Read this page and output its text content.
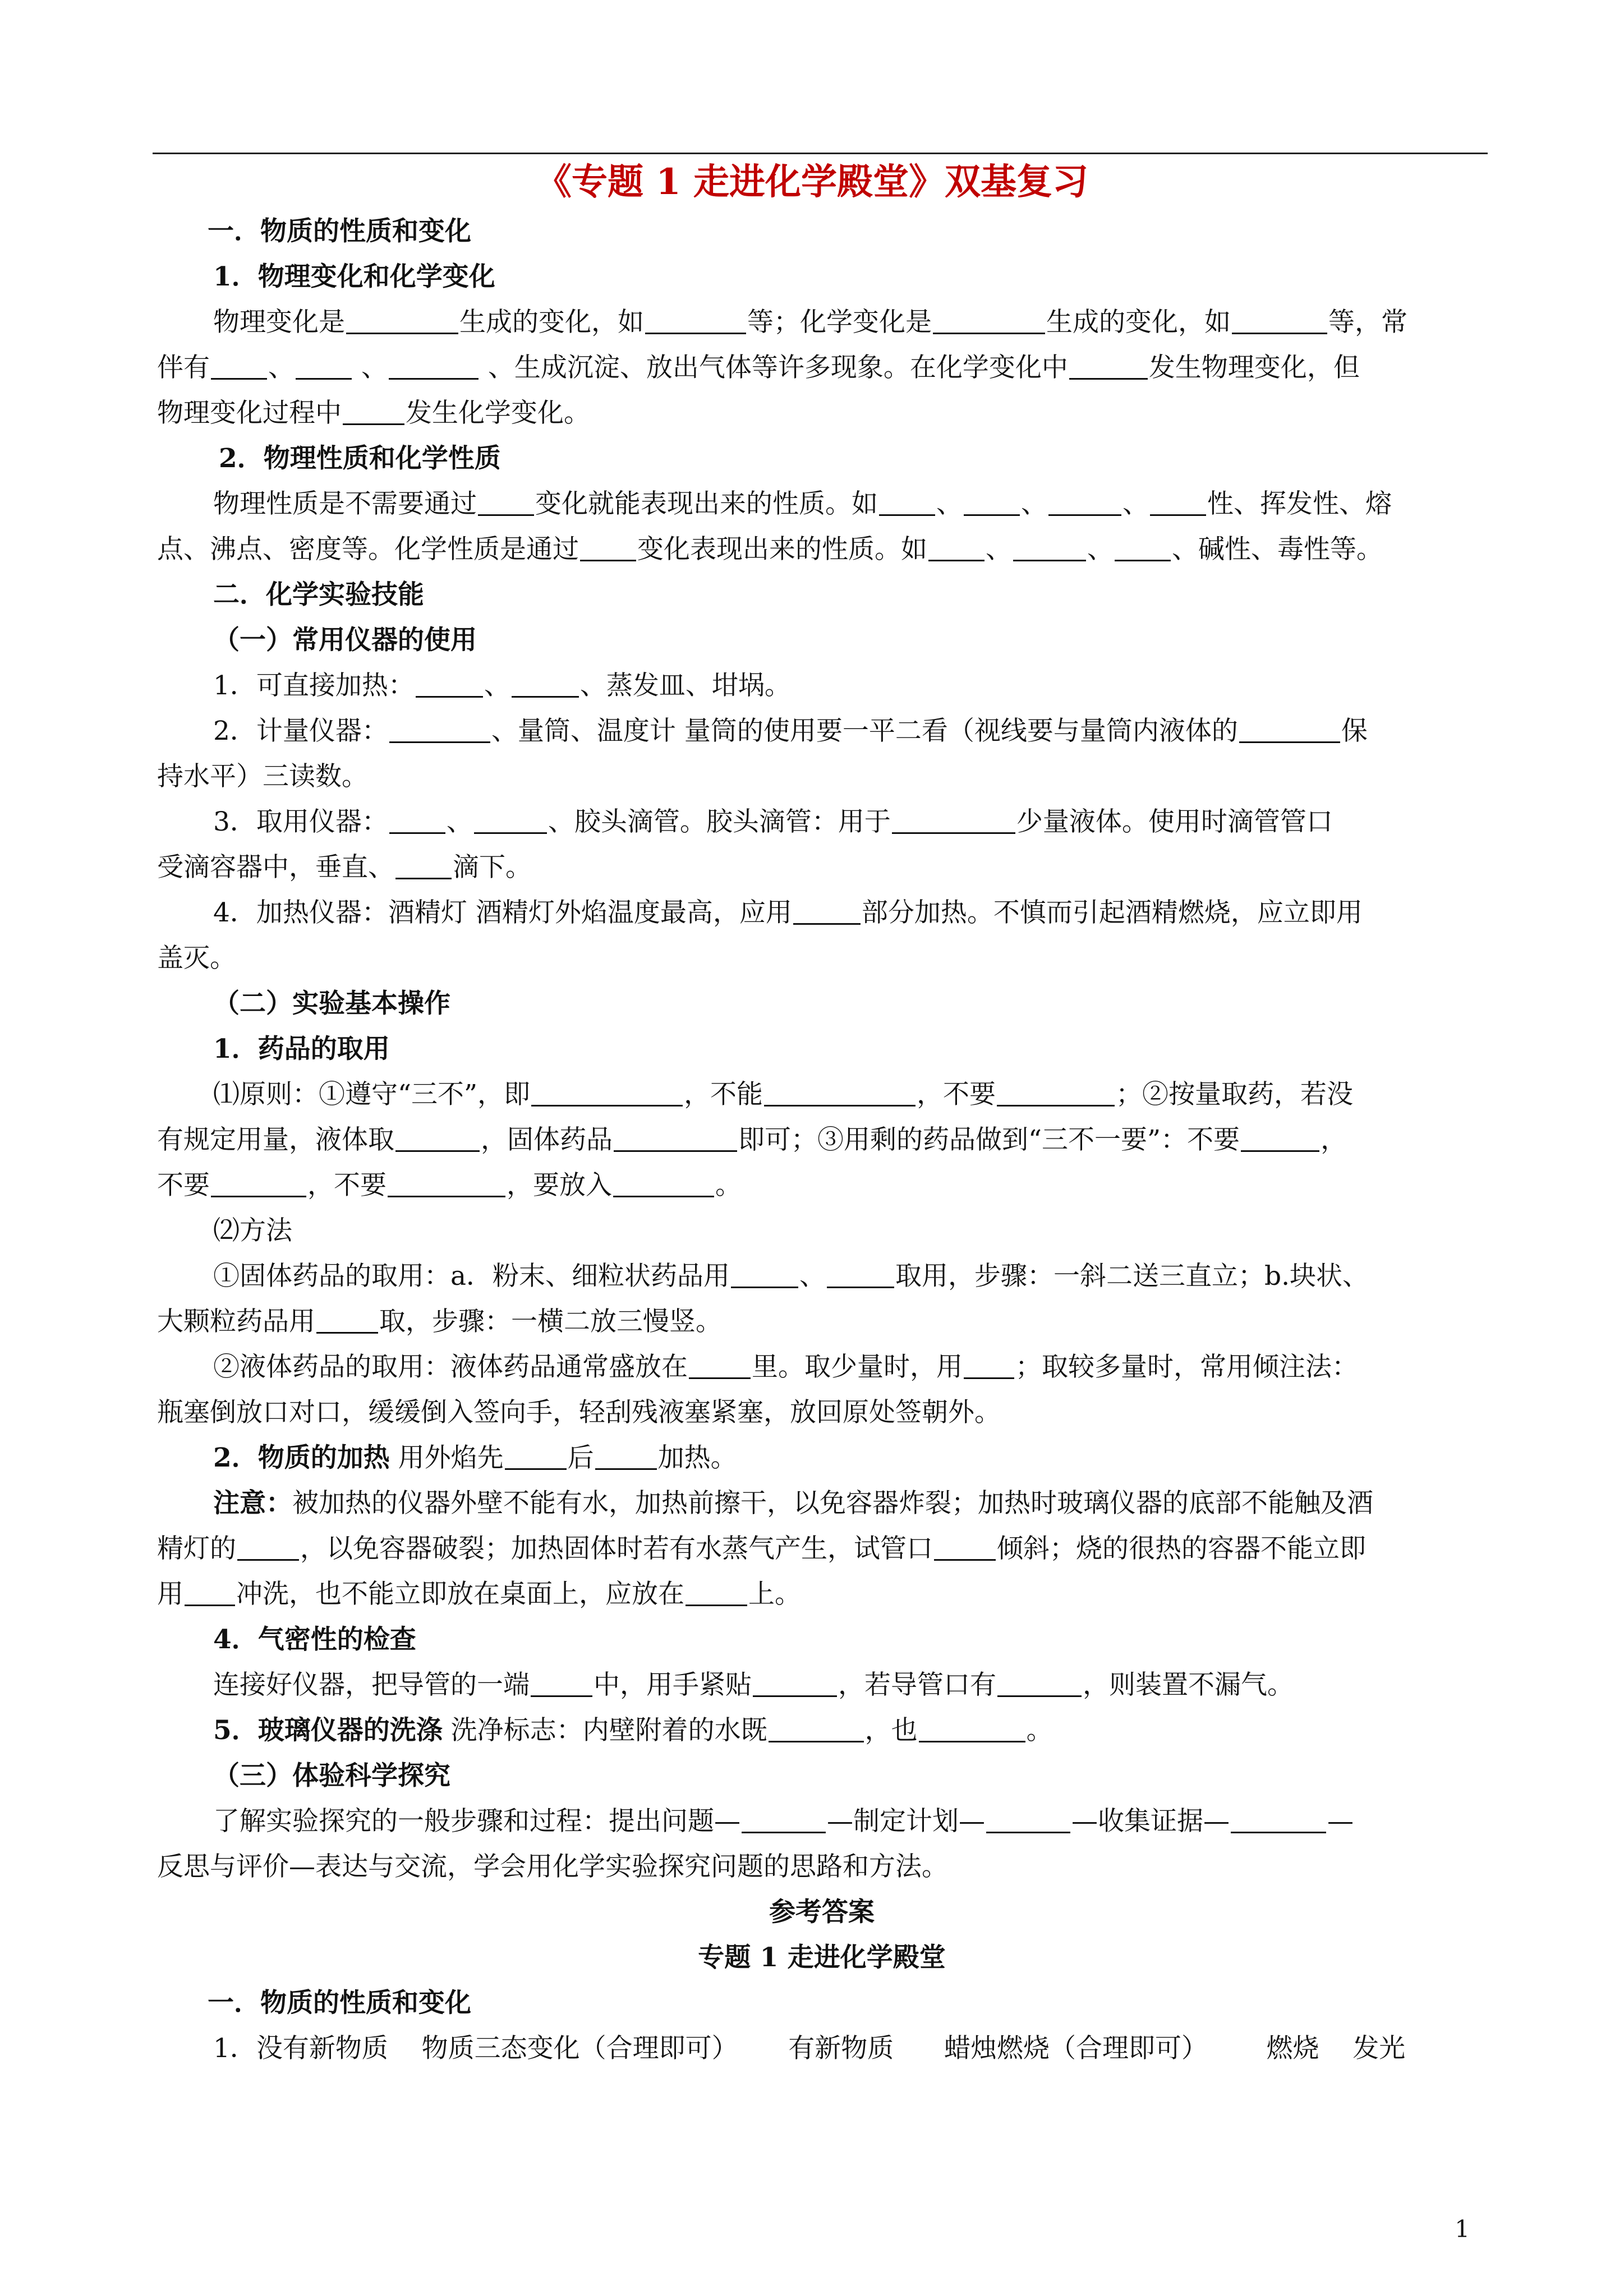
《专题 1 走进化学殿堂》双基复习

一．物质的性质和变化

1．物理变化和化学变化

物理变化是	生成的变化，如	等；化学变化是	生成的变化，如	等，常

伴有 、 、	、生成沉淀、放出气体等许多现象。在化学变化中	发生物理变化，但

物理变化过程中 发生化学变化。

2．物理性质和化学性质

物理性质是不需要通过 变化就能表现出来的性质。如 、 、	、 性、挥发性、熔

点、沸点、密度等。化学性质是通过 变化表现出来的性质。如 、	、 、碱性、毒性等。

二．化学实验技能

（一）常用仪器的使用

1．可直接加热：	、	、蒸发皿、坩埚。

2．计量仪器：	、量筒、温度计 量筒的使用要一平二看（视线要与量筒内液体的	保

持水平）三读数。

3．取用仪器： 、	、胶头滴管。胶头滴管：用于	少量液体。使用时滴管管口

受滴容器中，垂直、 滴下。

4．加热仪器：酒精灯 酒精灯外焰温度最高，应用	部分加热。不慎而引起酒精燃烧，应立即用

盖灭。

（二）实验基本操作

1．药品的取用

⑴原则：①遵守“三不”，即	，不能	，不要	；②按量取药，若没

有规定用量，液体取	，固体药品	即可；③用剩的药品做到“三不一要”：不要	，

不要	，不要	，要放入	。

⑵方法

①固体药品的取用：a．粉末、细粒状药品用	、	取用，步骤：一斜二送三直立；b.块状、

大颗粒药品用 取，步骤：一横二放三慢竖。

②液体药品的取用：液体药品通常盛放在 里。取少量时，用 ；取较多量时，常用倾注法：

瓶塞倒放口对口，缓缓倒入签向手，轻刮残液塞紧塞，放回原处签朝外。

2．物质的加热 用外焰先 后 加热。

注意：被加热的仪器外壁不能有水，加热前擦干，以免容器炸裂；加热时玻璃仪器的底部不能触及酒

精灯的 ，以免容器破裂；加热固体时若有水蒸气产生，试管口 倾斜；烧的很热的容器不能立即

用 冲洗，也不能立即放在桌面上，应放在 上。

4．气密性的检查

连接好仪器，把导管的一端 中，用手紧贴	，若导管口有	，则装置不漏气。

5．玻璃仪器的洗涤 洗净标志：内壁附着的水既	，也	。

（三）体验科学探究

了解实验探究的一般步骤和过程：提出问题—	—制定计划—	—收集证据—	—

反思与评价—表达与交流，学会用化学实验探究问题的思路和方法。

参考答案

专题 1 走进化学殿堂

一．物质的性质和变化

1．没有新物质    物质三态变化（合理即可）      有新物质      蜡烛燃烧（合理即可）       燃烧    发光

1
